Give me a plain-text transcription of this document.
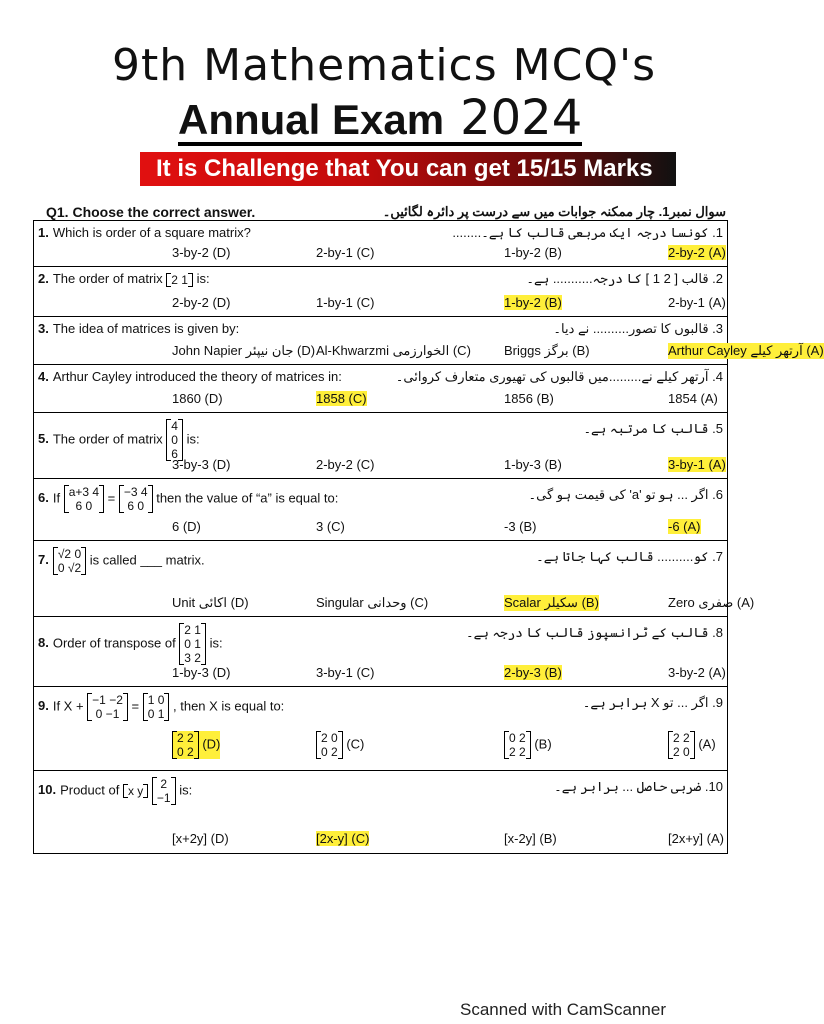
9th Mathematics MCQ's
Annual Exam 2024
It is Challenge that You can get 15/15 Marks
Q1. Choose the correct answer.	سوال نمبر1. چار ممکنہ جوابات میں سے درست پر دائرہ لگائیں۔
1. Which is order of a square matrix?	1. کونسا درجہ ایک مربعی قالب کا ہے۔........
3-by-2 (D)	2-by-1 (C)	1-by-2 (B)	2-by-2 (A)
2. The order of matrix 2 1 is:	2. قالب [ 2 1 ] کا درجہ........... ہے۔
2-by-2 (D)	1-by-1 (C)	1-by-2 (B)	2-by-1 (A)
3. The idea of matrices is given by:	3. قالبوں کا تصور.......... نے دیا۔
John Napier جان نیپئر (D) Al-Khwarzmi الخوارزمی (C)	Briggs برگز (B)	Arthur Cayley آرتھر کیلے (A)
4. Arthur Cayley introduced the theory of matrices in:	4. آرتھر کیلے نے.........میں قالبوں کی تھیوری متعارف کروائی۔
1860 (D)	1858 (C)	1856 (B)	1854 (A)
5. The order of matrix
4
0
6
is:
5. قالب کا مرتبہ ہے۔
3-by-3 (D)	2-by-2 (C)	1-by-3 (B)	3-by-1 (A)
6. If a+3 4
6 0
= −3 4
6 0
then the value of “a” is equal to:	6. اگر ... ہو تو 'a' کی قیمت ہو گی۔
6 (D)	3 (C)	-3 (B)	-6 (A)
7. √2 0
0 √2
is called ___ matrix.	7. کو.......... قالب کہا جاتا ہے۔
Unit اکائی (D)	Singular وحدانی (C)	Scalar سکیلر (B)	Zero صفری (A)
8. Order of transpose of
2 1
0 1
3 2
is:
8. قالب کے ٹرانسپوز قالب کا درجہ ہے۔
1-by-3 (D)	3-by-1 (C)	2-by-3 (B)	3-by-2 (A)
9. If X + −1 −2
0 −1
= 1 0
0 1
, then X is equal to:	9. اگر ... تو X برابر ہے۔
2 2
0 2
(D)	2 0
0 2
(C)	0 2
2 2
(B)	2 2
2 0
(A)
10. Product of x y
2
−1
is:	10. ضربی حاصل ... برابر ہے۔
[x+2y] (D)	[2x-y] (C)	[x-2y] (B)	[2x+y] (A)
Scanned with CamScanner
